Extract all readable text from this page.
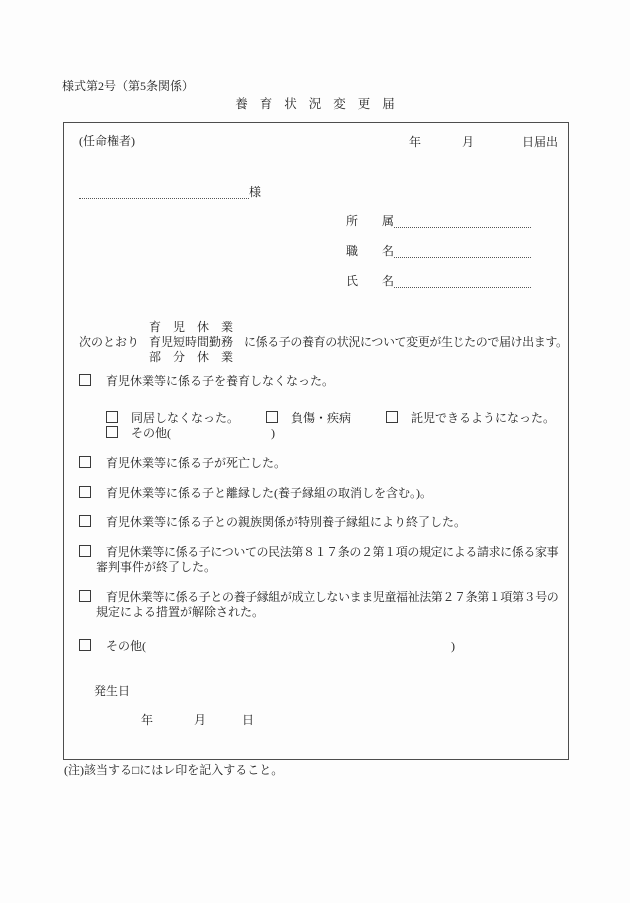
様式第2号（第5条関係）
養育状況変更届
(任命権者)	年	月	日届出
様
所　　属
職　　名
氏　　名
次のとおり
育　児　休　業
育児短時間勤務
部　分　休　業
に係る子の養育の状況について変更が生じたので届け出ます。
育児休業等に係る子を養育しなくなった。
同居しなくなった。	負傷・疾病	託児できるようになった。
その他(	)
育児休業等に係る子が死亡した。
育児休業等に係る子と離縁した(養子縁組の取消しを含む。)。
育児休業等に係る子との親族関係が特別養子縁組により終了した。
育児休業等に係る子についての民法第８１７条の２第１項の規定による請求に係る家事
審判事件が終了した。
育児休業等に係る子との養子縁組が成立しないまま児童福祉法第２７条第１項第３号の
規定による措置が解除された。
その他(	)
発生日
年	月	日
(注)該当する□にはレ印を記入すること。
